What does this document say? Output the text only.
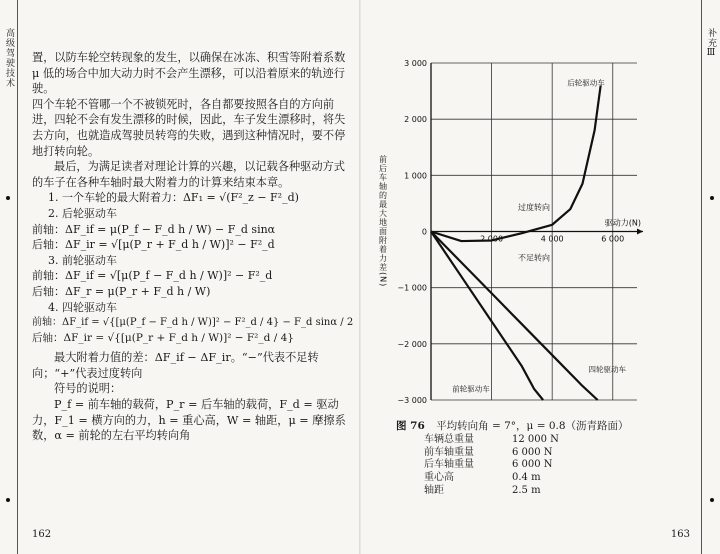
高级驾驶技术 置，以防车轮空转现象的发生，以确保在冰冻、积雪等附着系数 μ 低的场合中加大动力时不会产生漂移，可以沿着原来的轨迹行驶。

四个车轮不管哪一个不被锁死时，各自都要按照各自的方向前进，四轮不会有发生漂移的时候，因此，车子发生漂移时，将失去方向，也就造成驾驶员转弯的失败，遇到这种情况时，要不停地打转向轮。

最后，为满足读者对理论计算的兴趣，以记载各种驱动方式的车子在各种车轴时最大附着力的计算来结束本章。

1. 一个车轮的最大附着力：ΔF₁ = √(F²_z − F²_d)

2. 后轮驱动车

前轴：ΔF_if = μ(P_f − F_d h / W) − F_d sinα

后轴：ΔF_ir = √[μ(P_r + F_d h / W)]² − F²_d

3. 前轮驱动车

前轴：ΔF_if = √[μ(P_f − F_d h / W)]² − F²_d

后轴：ΔF_r = μ(P_r + F_d h / W)

4. 四轮驱动车

前轴：ΔF_if = √{[μ(P_f − F_d h / W)]² − F²_d / 4} − F_d sinα / 2

后轴：ΔF_ir = √{[μ(P_r + F_d h / W)]² − F²_d / 4}

最大附着力值的差：ΔF_if − ΔF_ir。“−”代表不足转向；“+”代表过度转向

符号的说明：

P_f = 前车轴的载荷，P_r = 后车轴的载荷，F_d = 驱动力，F_1 = 横方向的力，h = 重心高，W = 轴距，μ = 摩擦系数，α = 前轮的左右平均转向角

162
补充Ⅲ
163
3 000
2 000
1 000
0
−1 000
−2 000
−3 000
2 000	4 000	6 000
后轮驱动车
前轮驱动车
四轮驱动车
过度转向
不足转向
驱动力(N)
前后车轴的最大地面附着力差(N)
图 76 平均转向角 = 7°，μ = 0.8（沥青路面）
车辆总重量	12 000 N
前车轴重量	6 000 N
后车轴重量	6 000 N
重心高	0.4 m
轴距	2.5 m
